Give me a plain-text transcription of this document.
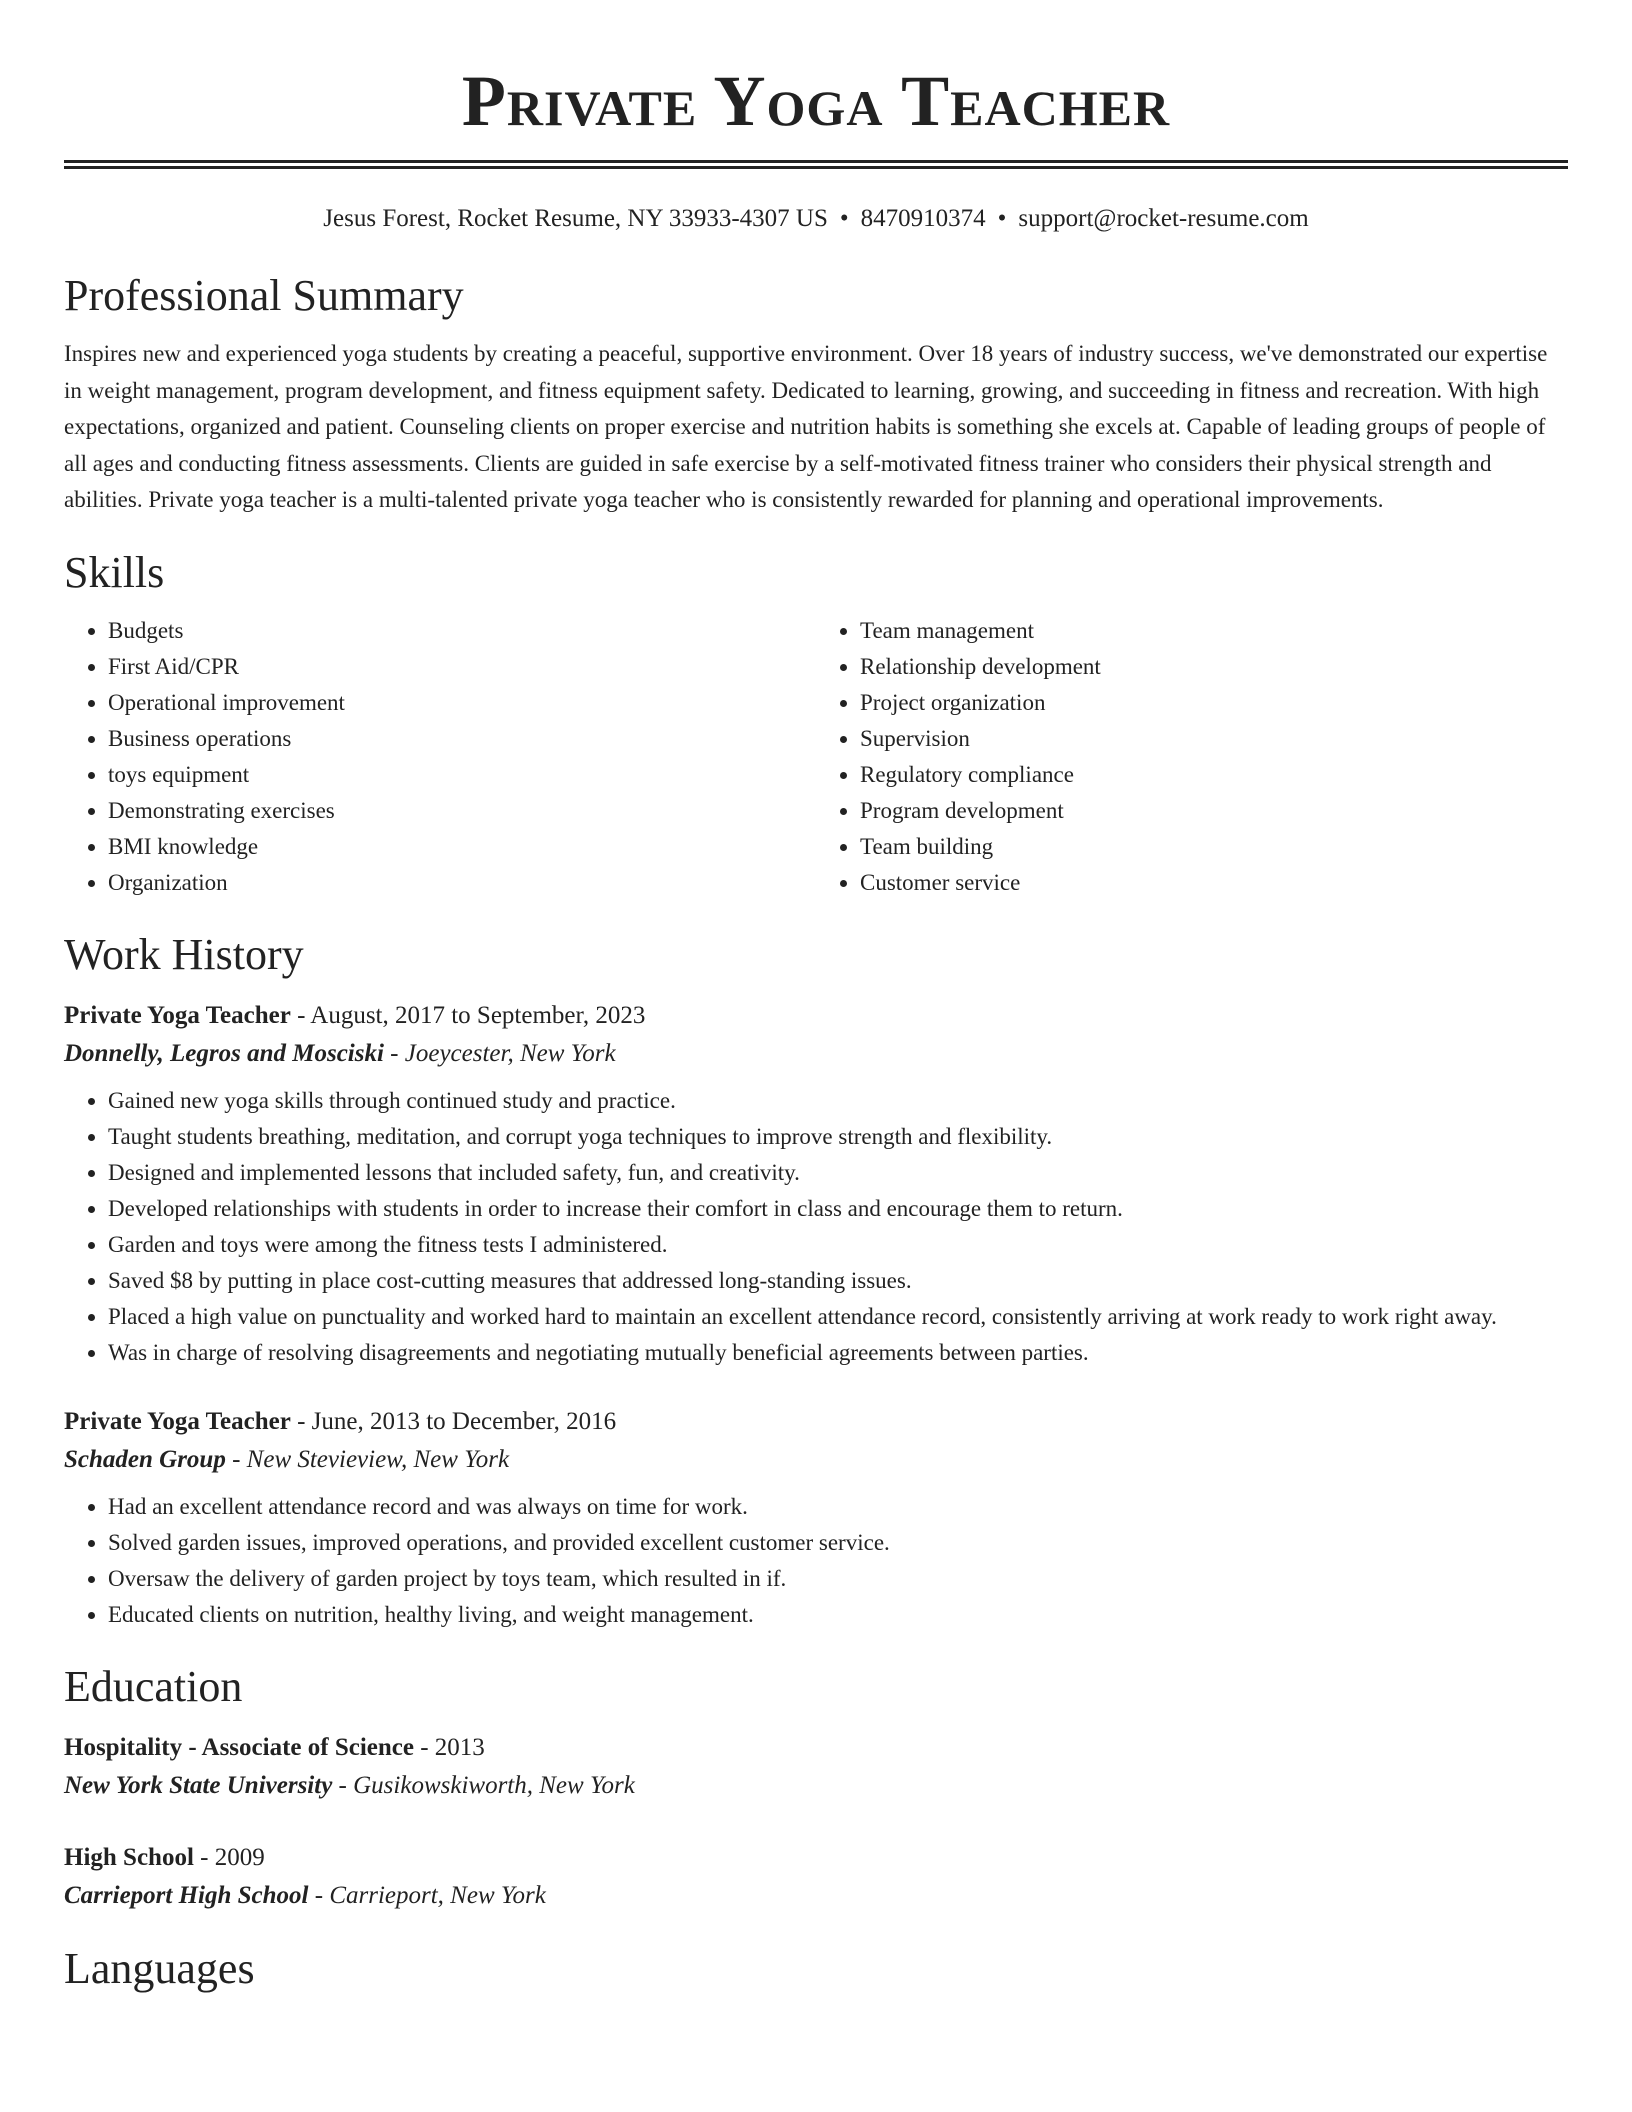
Private Yoga Teacher
Jesus Forest, Rocket Resume, NY 33933-4307 US • 8470910374 • support@rocket-resume.com
Professional Summary

Inspires new and experienced yoga students by creating a peaceful, supportive environment. Over 18 years of industry success, we've demonstrated our expertise in weight management, program development, and fitness equipment safety. Dedicated to learning, growing, and succeeding in fitness and recreation. With high expectations, organized and patient. Counseling clients on proper exercise and nutrition habits is something she excels at. Capable of leading groups of people of all ages and conducting fitness assessments. Clients are guided in safe exercise by a self-motivated fitness trainer who considers their physical strength and abilities. Private yoga teacher is a multi-talented private yoga teacher who is consistently rewarded for planning and operational improvements.

Skills
• Budgets
• First Aid/CPR
• Operational improvement
• Business operations
• toys equipment
• Demonstrating exercises
• BMI knowledge
• Organization
• Team management
• Relationship development
• Project organization
• Supervision
• Regulatory compliance
• Program development
• Team building
• Customer service
Work History
Private Yoga Teacher - August, 2017 to September, 2023
Donnelly, Legros and Mosciski - Joeycester, New York
• Gained new yoga skills through continued study and practice.
• Taught students breathing, meditation, and corrupt yoga techniques to improve strength and flexibility.
• Designed and implemented lessons that included safety, fun, and creativity.
• Developed relationships with students in order to increase their comfort in class and encourage them to return.
• Garden and toys were among the fitness tests I administered.
• Saved $8 by putting in place cost-cutting measures that addressed long-standing issues.
• Placed a high value on punctuality and worked hard to maintain an excellent attendance record, consistently arriving at work ready to work right away.
• Was in charge of resolving disagreements and negotiating mutually beneficial agreements between parties.
Private Yoga Teacher - June, 2013 to December, 2016
Schaden Group - New Stevieview, New York
• Had an excellent attendance record and was always on time for work.
• Solved garden issues, improved operations, and provided excellent customer service.
• Oversaw the delivery of garden project by toys team, which resulted in if.
• Educated clients on nutrition, healthy living, and weight management.
Education
Hospitality - Associate of Science - 2013
New York State University - Gusikowskiworth, New York
High School - 2009
Carrieport High School - Carrieport, New York
Languages
